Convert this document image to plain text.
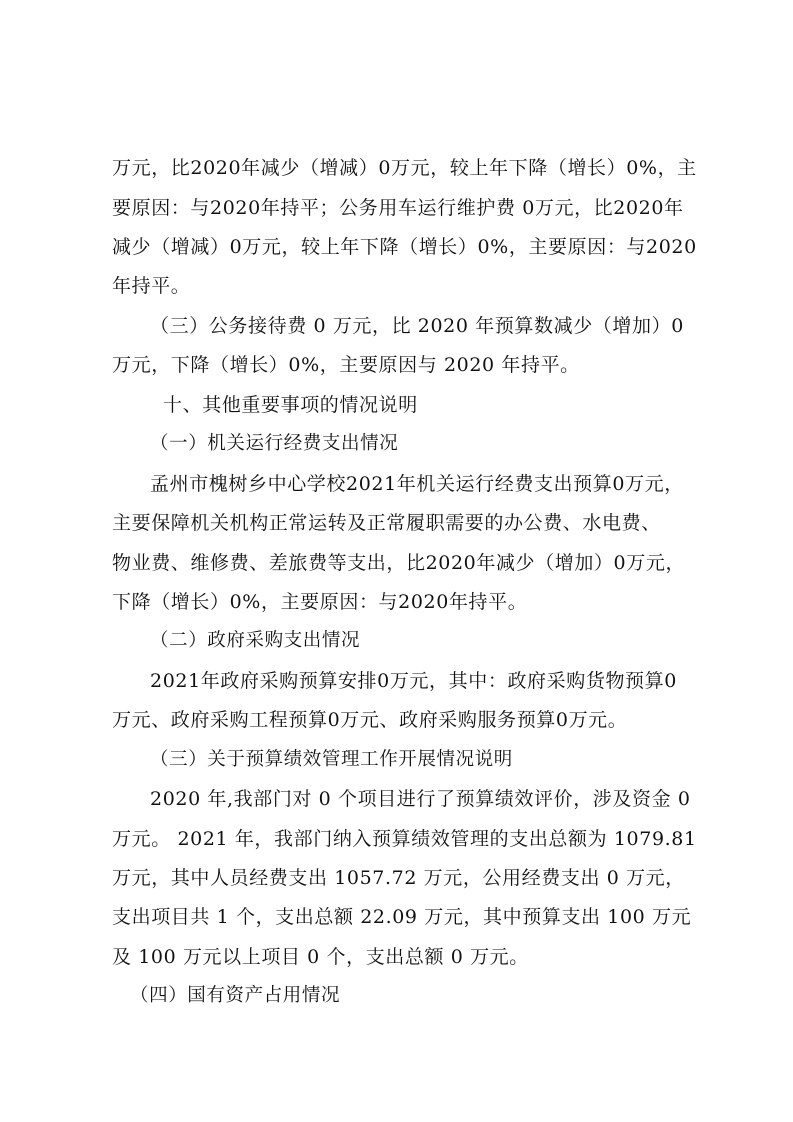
万元，比2020年减少（增减）0万元，较上年下降（增长）0%，主
要原因：与2020年持平；公务用车运行维护费 0万元，比2020年
减少（增减）0万元，较上年下降（增长）0%，主要原因：与2020
年持平。
（三）公务接待费 0 万元，比 2020 年预算数减少（增加）0
万元，下降（增长）0%，主要原因与 2020 年持平。
十、其他重要事项的情况说明
（一）机关运行经费支出情况
孟州市槐树乡中心学校2021年机关运行经费支出预算0万元，
主要保障机关机构正常运转及正常履职需要的办公费、水电费、
物业费、维修费、差旅费等支出，比2020年减少（增加）0万元，
下降（增长）0%，主要原因：与2020年持平。
（二）政府采购支出情况
2021年政府采购预算安排0万元，其中：政府采购货物预算0
万元、政府采购工程预算0万元、政府采购服务预算0万元。
（三）关于预算绩效管理工作开展情况说明
2020 年,我部门对 0 个项目进行了预算绩效评价，涉及资金 0
万元。 2021 年，我部门纳入预算绩效管理的支出总额为 1079.81
万元，其中人员经费支出 1057.72 万元，公用经费支出 0 万元，
支出项目共 1 个，支出总额 22.09 万元，其中预算支出 100 万元
及 100 万元以上项目 0 个，支出总额 0 万元。
（四）国有资产占用情况
